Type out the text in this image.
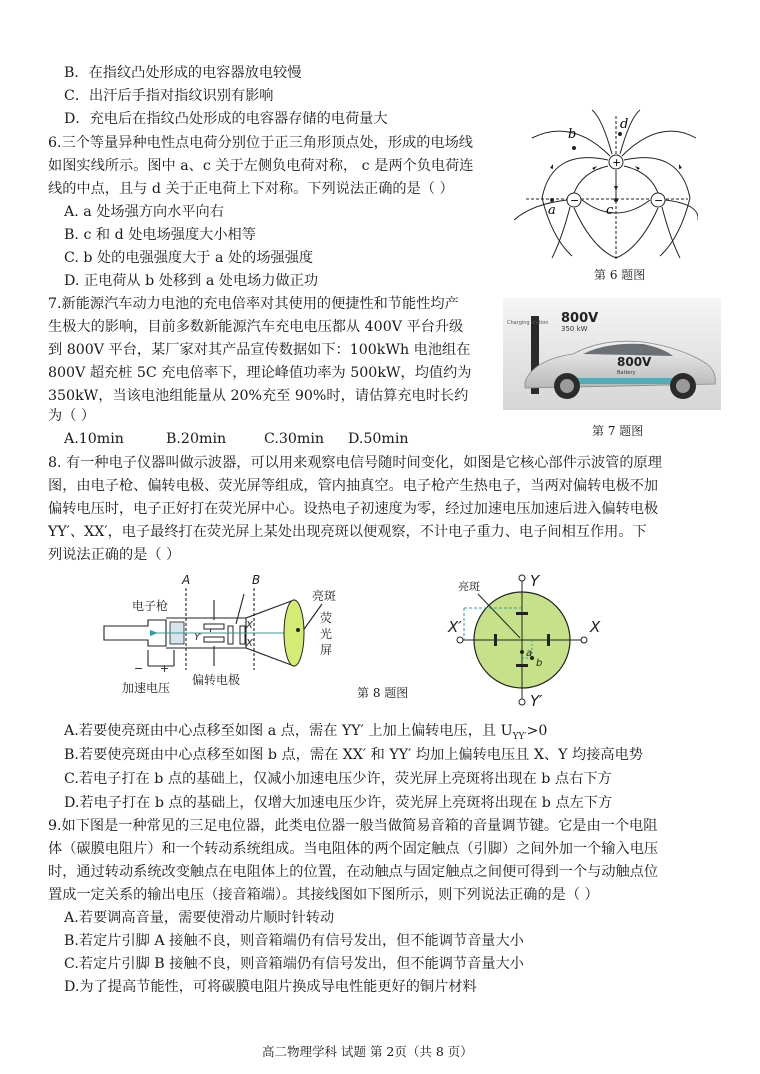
B．在指纹凸处形成的电容器放电较慢
C．出汗后手指对指纹识别有影响
D．充电后在指纹凸处形成的电容器存储的电荷量大
6.三个等量异种电性点电荷分别位于正三角形顶点处，形成的电场线
如图实线所示。图中 a、c 关于左侧负电荷对称， c 是两个负电荷连
线的中点，且与 d 关于正电荷上下对称。下列说法正确的是（ ）
A. a 处场强方向水平向右
B. c 和 d 处电场强度大小相等
C. b 处的电强强度大于 a 处的场强强度
D. 正电荷从 b 处移到 a 处电场力做正功
+
−	−
d
b
a	c
第 6 题图
7.新能源汽车动力电池的充电倍率对其使用的便捷性和节能性均产
生极大的影响，目前多数新能源汽车充电电压都从 400V 平台升级
到 800V 平台，某厂家对其产品宣传数据如下：100kWh 电池组在
800V 超充桩 5C 充电倍率下，理论峰值功率为 500kW，均值约为
350kW，当该电池组能量从 20%充至 90%时，请估算充电时长约
为（ ）
A.10min	B.20min	C.30min D.50min
Charging station 800V
350 kW
800V
Battery
第 7 题图
8. 有一种电子仪器叫做示波器，可以用来观察电信号随时间变化，如图是它核心部件示波管的原理
图，由电子枪、偏转电极、荧光屏等组成，管内抽真空。电子枪产生热电子，当两对偏转电极不加
偏转电压时，电子正好打在荧光屏中心。设热电子初速度为零，经过加速电压加速后进入偏转电极
YY′、XX′，电子最终打在荧光屏上某处出现亮斑以便观察，不计电子重力、电子间相互作用。下
列说法正确的是（ ）
A	B
电子枪
亮斑
荧
光
屏
加速电压
偏转电极
Y′
X
X′
− +
亮斑	Y
Y′
X′	X
a
b
第 8 题图
A.若要使亮斑由中心点移至如图 a 点，需在 YY′ 上加上偏转电压，且 $U_{YY'}>0$
B.若要使亮斑由中心点移至如图 b 点，需在 XX′ 和 YY′ 均加上偏转电压且 X、Y 均接高电势
C.若电子打在 b 点的基础上，仅减小加速电压少许，荧光屏上亮斑将出现在 b 点右下方
D.若电子打在 b 点的基础上，仅增大加速电压少许，荧光屏上亮斑将出现在 b 点左下方
9.如下图是一种常见的三足电位器，此类电位器一般当做简易音箱的音量调节键。它是由一个电阻
体（碳膜电阻片）和一个转动系统组成。当电阻体的两个固定触点（引脚）之间外加一个输入电压
时，通过转动系统改变触点在电阻体上的位置，在动触点与固定触点之间便可得到一个与动触点位
置成一定关系的输出电压（接音箱端）。其接线图如下图所示，则下列说法正确的是（ ）
A.若要调高音量，需要使滑动片顺时针转动
B.若定片引脚 A 接触不良，则音箱端仍有信号发出，但不能调节音量大小
C.若定片引脚 B 接触不良，则音箱端仍有信号发出，但不能调节音量大小
D.为了提高节能性，可将碳膜电阻片换成导电性能更好的铜片材料
高二物理学科 试题 第 2页（共 8 页）
